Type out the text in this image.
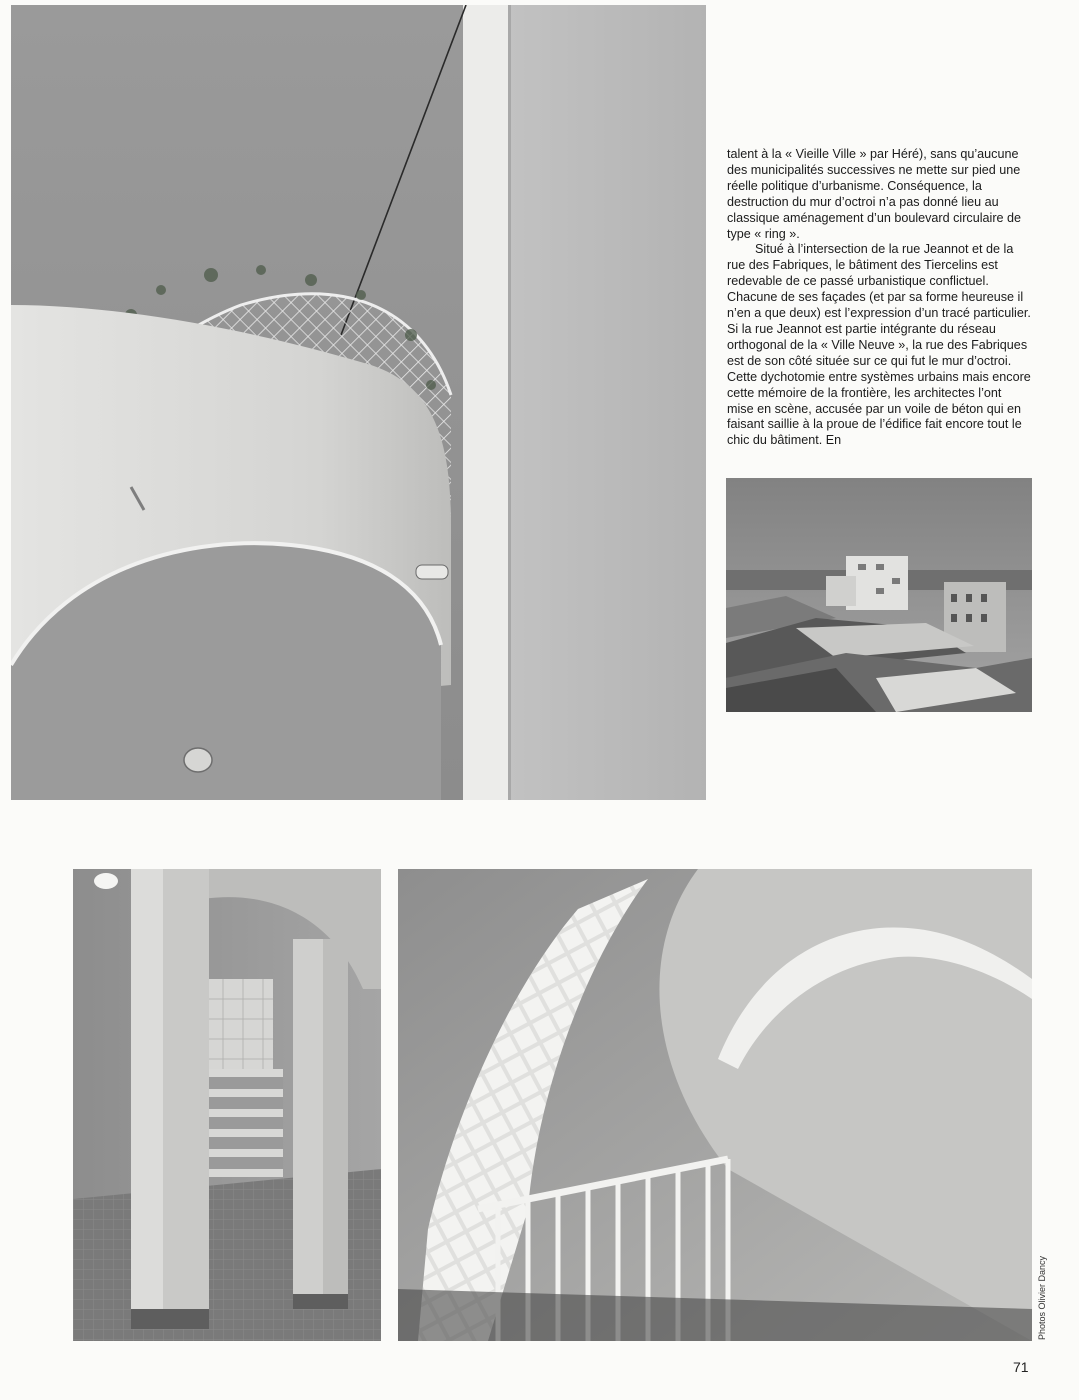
talent à la « Vieille Ville » par Héré), sans qu’aucune des municipalités successives ne mette sur pied une réelle politique d’urbanisme. Conséquence, la destruction du mur d’octroi n’a pas donné lieu au classique aménagement d’un boulevard circulaire de type « ring ».

Situé à l’intersection de la rue Jeannot et de la rue des Fabriques, le bâtiment des Tiercelins est redevable de ce passé urbanistique conflictuel. Chacune de ses façades (et par sa forme heureuse il n’en a que deux) est l’expression d’un tracé particulier. Si la rue Jeannot est partie intégrante du réseau orthogonal de la « Ville Neuve », la rue des Fabriques est de son côté située sur ce qui fut le mur d’octroi. Cette dychotomie entre systèmes urbains mais encore cette mémoire de la frontière, les architectes l’ont mise en scène, accusée par un voile de béton qui en faisant saillie à la proue de l’édifice fait encore tout le chic du bâtiment. En

Photos Olivier Dancy
71
